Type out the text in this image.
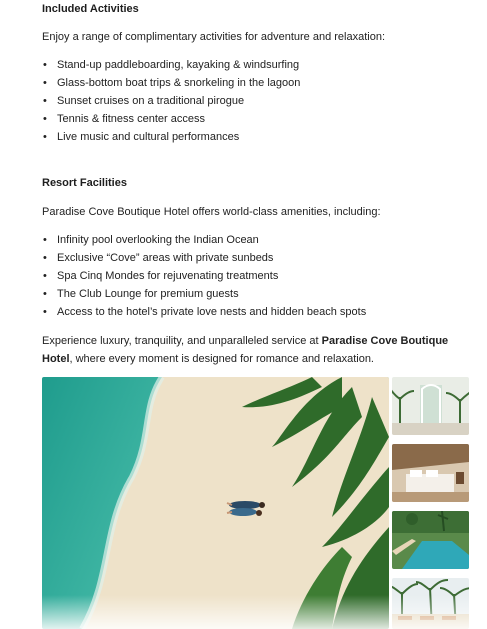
Included Activities

Enjoy a range of complimentary activities for adventure and relaxation:

• Stand-up paddleboarding, kayaking & windsurfing
• Glass-bottom boat trips & snorkeling in the lagoon
• Sunset cruises on a traditional pirogue
• Tennis & fitness center access
• Live music and cultural performances
Resort Facilities

Paradise Cove Boutique Hotel offers world-class amenities, including:

• Infinity pool overlooking the Indian Ocean
• Exclusive “Cove” areas with private sunbeds
• Spa Cinq Mondes for rejuvenating treatments
• The Club Lounge for premium guests
• Access to the hotel’s private love nests and hidden beach spots

Experience luxury, tranquility, and unparalleled service at Paradise Cove Boutique Hotel, where every moment is designed for romance and relaxation.
